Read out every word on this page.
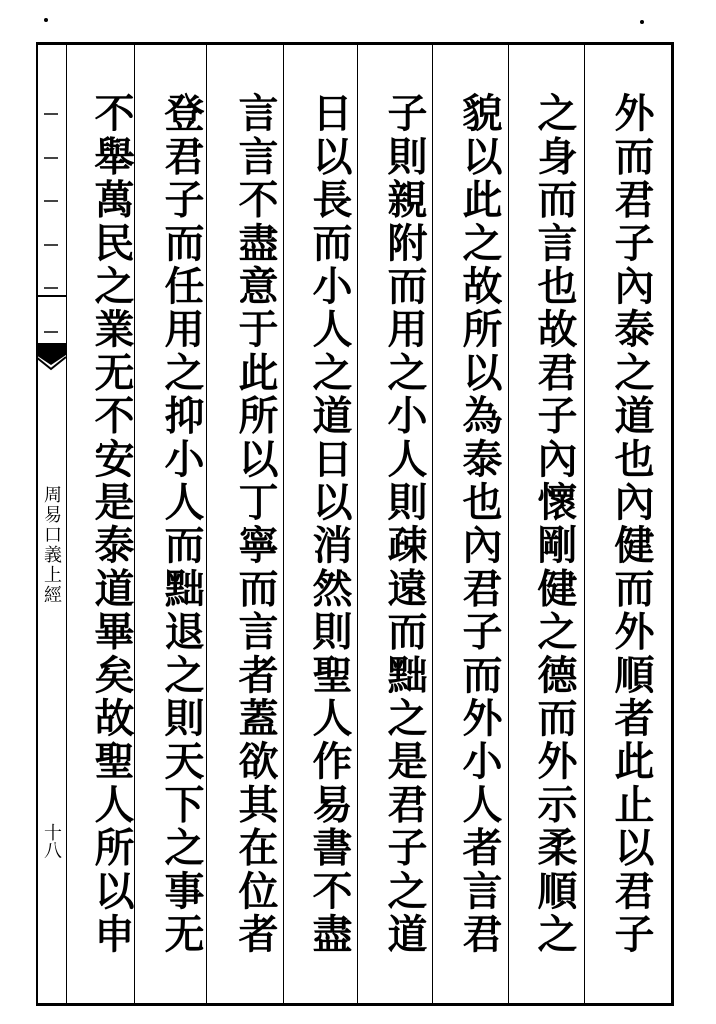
周易口義上經
十八	外而君子內泰之道也內健而外順者此止以君子
之身而言也故君子內懷剛健之德而外示柔順之
貌以此之故所以為泰也內君子而外小人者言君
子則親附而用之小人則疎遠而黜之是君子之道
日以長而小人之道日以消然則聖人作易書不盡
言言不盡意于此所以丁寧而言者蓋欲其在位者
登君子而任用之抑小人而黜退之則天下之事无
不舉萬民之業无不安是泰道畢矣故聖人所以申
